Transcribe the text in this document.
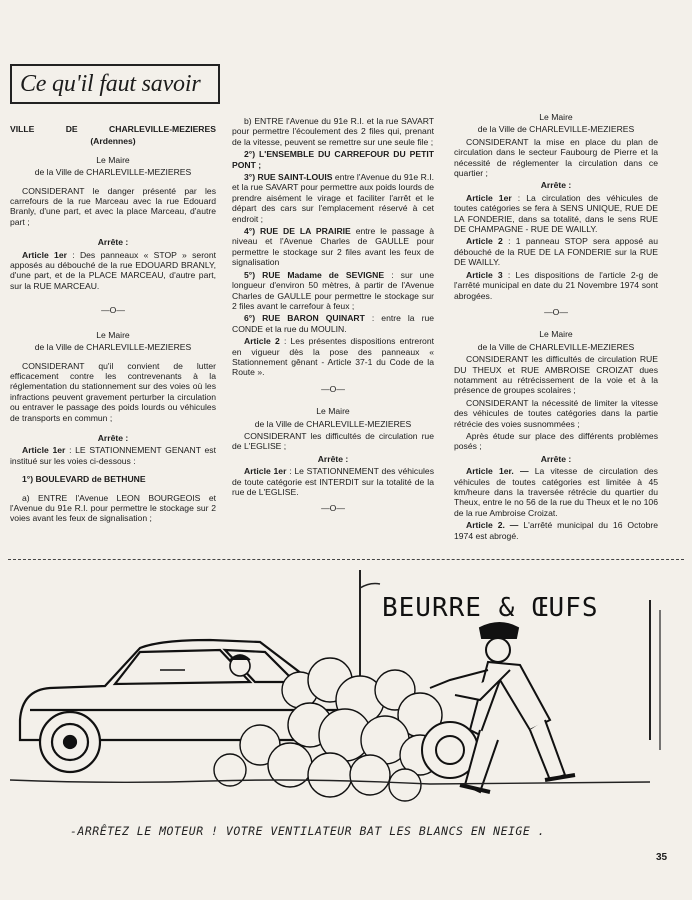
Ce qu'il faut savoir
VILLE	DE	CHARLEVILLE-MEZIERES

(Ardennes)

Le Maire

de la Ville de CHARLEVILLE-MEZIERES

CONSIDERANT le danger présenté par les carrefours de la rue Marceau avec la rue Edouard Branly, d'une part, et avec la place Marceau, d'autre part ;

Arrête :

Article 1er : Des panneaux « STOP » seront apposés au débouché de la rue EDOUARD BRANLY, d'une part, et de la PLACE MARCEAU, d'autre part, sur la RUE MARCEAU.

—O—

Le Maire

de la Ville de CHARLEVILLE-MEZIERES

CONSIDERANT qu'il convient de lutter efficacement contre les contrevenants à la réglementation du stationnement sur des voies où les infractions peuvent gravement perturber la circulation ou entraver le passage des poids lourds ou véhicules de transports en commun ;

Arrête :

Article 1er : LE STATIONNEMENT GENANT est institué sur les voies ci-dessous :

1°) BOULEVARD de BETHUNE

a) ENTRE l'Avenue LEON BOURGEOIS et l'Avenue du 91e R.I. pour permettre le stockage sur 2 voies avant les feux de signalisation ;

b) ENTRE l'Avenue du 91e R.I. et la rue SAVART pour permettre l'écoulement des 2 files qui, prenant de la vitesse, peuvent se remettre sur une seule file ;

2°) L'ENSEMBLE DU CARREFOUR DU PETIT PONT ;

3°) RUE SAINT-LOUIS entre l'Avenue du 91e R.I. et la rue SAVART pour permettre aux poids lourds de prendre aisément le virage et faciliter l'arrêt et le départ des cars sur l'emplacement réservé à cet endroit ;

4°) RUE DE LA PRAIRIE entre le passage à niveau et l'Avenue Charles de GAULLE pour permettre le stockage sur 2 files avant les feux de signalisation

5°) RUE Madame de SEVIGNE : sur une longueur d'environ 50 mètres, à partir de l'Avenue Charles de GAULLE pour permettre le stockage sur 2 files avant le carrefour à feux ;

6°) RUE BARON QUINART : entre la rue CONDE et la rue du MOULIN.

Article 2 : Les présentes dispositions entreront en vigueur dès la pose des panneaux « Stationnement gênant - Article 37-1 du Code de la Route ».

—O—

Le Maire

de la Ville de CHARLEVILLE-MEZIERES

CONSIDERANT les difficultés de circulation rue de L'EGLISE ;

Arrête :

Article 1er : Le STATIONNEMENT des véhicules de toute catégorie est INTERDIT sur la totalité de la rue de L'EGLISE.

—O—

Le Maire

de la Ville de CHARLEVILLE-MEZIERES

CONSIDERANT la mise en place du plan de circulation dans le secteur Faubourg de Pierre et la nécessité de réglementer la circulation dans ce quartier ;

Arrête :

Article 1er : La circulation des véhicules de toutes catégories se fera à SENS UNIQUE, RUE DE LA FONDERIE, dans sa totalité, dans le sens RUE DE CHAMPAGNE - RUE DE WAILLY.

Article 2 : 1 panneau STOP sera apposé au débouché de la RUE DE LA FONDERIE sur la RUE DE WAILLY.

Article 3 : Les dispositions de l'article 2-g de l'arrêté municipal en date du 21 Novembre 1974 sont abrogées.

—O—

Le Maire

de la Ville de CHARLEVILLE-MEZIERES

CONSIDERANT les difficultés de circulation RUE DU THEUX et RUE AMBROISE CROIZAT dues notamment au rétrécissement de la voie et à la présence de groupes scolaires ;

CONSIDERANT la nécessité de limiter la vitesse des véhicules de toutes catégories dans la partie rétrécie des voies susnommées ;

Après étude sur place des différents problèmes posés ;

Arrête :

Article 1er. — La vitesse de circulation des véhicules de toutes catégories est limitée à 45 km/heure dans la traversée rétrécie du quartier du Theux, entre le no 56 de la rue du Theux et le no 106 de la rue Ambroise Croizat.

Article 2. — L'arrêté municipal du 16 Octobre 1974 est abrogé.

BEURRE & ŒUFS
-ARRÊTEZ LE MOTEUR ! VOTRE VENTILATEUR BAT LES BLANCS EN NEIGE .
35
